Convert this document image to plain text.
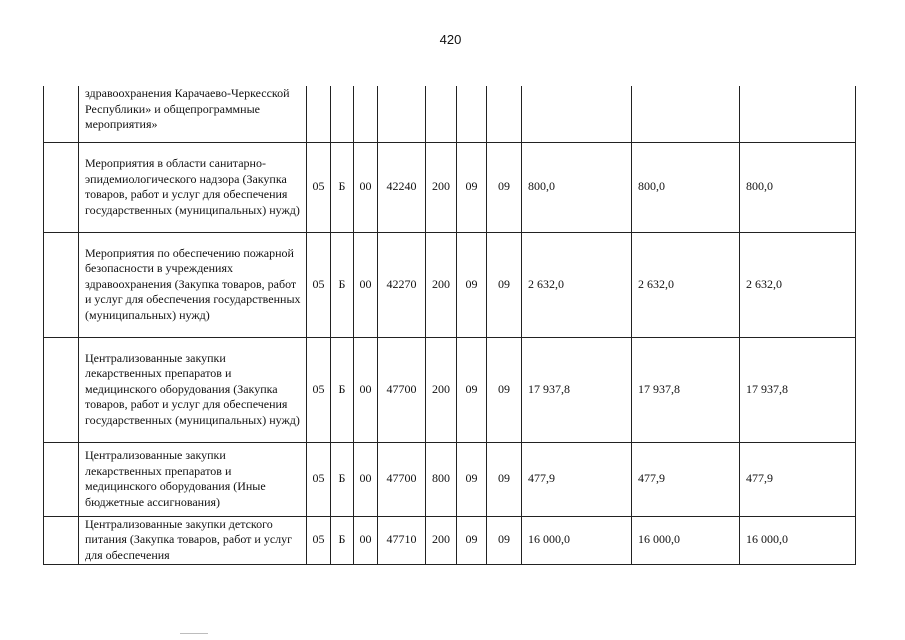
420

	здравоохранения Карачаево-Черкесской Республики» и общепрограммные мероприятия»										

	Мероприятия в области санитарно-эпидемиологического надзора (Закупка товаров, работ и услуг для обеспечения государственных (муниципальных) нужд)	05	Б	00	42240	200	09	09	800,0	800,0	800,0

	Мероприятия по обеспечению пожарной безопасности в учреждениях здравоохранения (Закупка товаров, работ и услуг для обеспечения государственных (муниципальных) нужд)	05	Б	00	42270	200	09	09	2 632,0	2 632,0	2 632,0

	Централизованные закупки лекарственных препаратов и медицинского оборудования (Закупка товаров, работ и услуг для обеспечения государственных (муниципальных) нужд)	05	Б	00	47700	200	09	09	17 937,8	17 937,8	17 937,8

	Централизованные закупки лекарственных препаратов и медицинского оборудования (Иные бюджетные ассигнования)	05	Б	00	47700	800	09	09	477,9	477,9	477,9

	Централизованные закупки детского питания (Закупка товаров, работ и услуг для обеспечения	05	Б	00	47710	200	09	09	16 000,0	16 000,0	16 000,0
